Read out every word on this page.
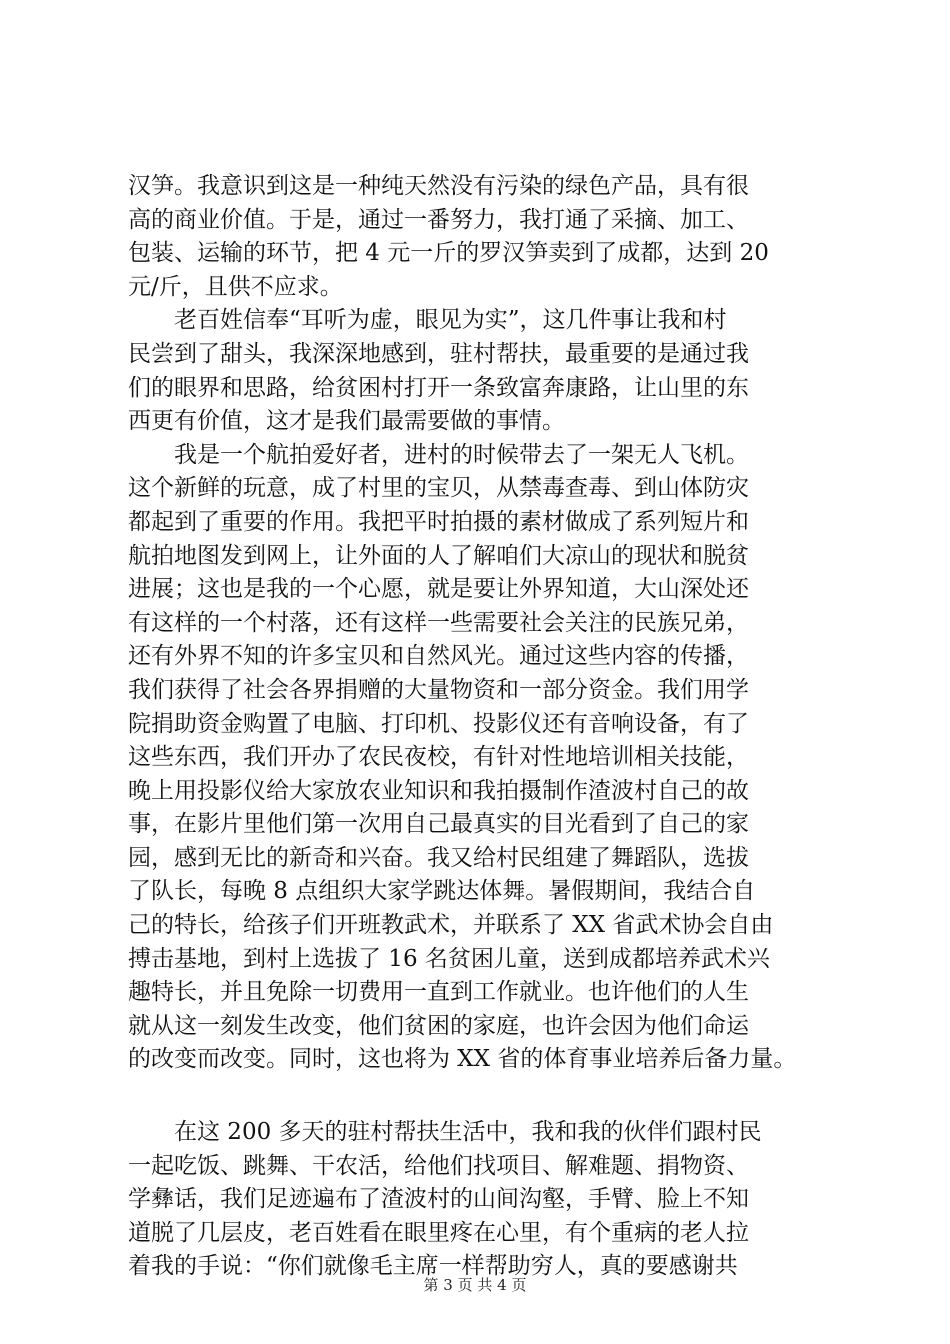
汉笋。我意识到这是一种纯天然没有污染的绿色产品，具有很
高的商业价值。于是，通过一番努力，我打通了采摘、加工、
包装、运输的环节，把 4 元一斤的罗汉笋卖到了成都，达到 20
元/斤，且供不应求。
　　老百姓信奉“耳听为虚，眼见为实”，这几件事让我和村
民尝到了甜头，我深深地感到，驻村帮扶，最重要的是通过我
们的眼界和思路，给贫困村打开一条致富奔康路，让山里的东
西更有价值，这才是我们最需要做的事情。
　　我是一个航拍爱好者，进村的时候带去了一架无人飞机。
这个新鲜的玩意，成了村里的宝贝，从禁毒查毒、到山体防灾
都起到了重要的作用。我把平时拍摄的素材做成了系列短片和
航拍地图发到网上，让外面的人了解咱们大凉山的现状和脱贫
进展；这也是我的一个心愿，就是要让外界知道，大山深处还
有这样的一个村落，还有这样一些需要社会关注的民族兄弟，
还有外界不知的许多宝贝和自然风光。通过这些内容的传播，
我们获得了社会各界捐赠的大量物资和一部分资金。我们用学
院捐助资金购置了电脑、打印机、投影仪还有音响设备，有了
这些东西，我们开办了农民夜校，有针对性地培训相关技能，
晚上用投影仪给大家放农业知识和我拍摄制作渣波村自己的故
事，在影片里他们第一次用自己最真实的目光看到了自己的家
园，感到无比的新奇和兴奋。我又给村民组建了舞蹈队，选拔
了队长，每晚 8 点组织大家学跳达体舞。暑假期间，我结合自
己的特长，给孩子们开班教武术，并联系了 XX 省武术协会自由
搏击基地，到村上选拔了 16 名贫困儿童，送到成都培养武术兴
趣特长，并且免除一切费用一直到工作就业。也许他们的人生
就从这一刻发生改变，他们贫困的家庭，也许会因为他们命运
的改变而改变。同时，这也将为 XX 省的体育事业培养后备力量。
　　在这 200 多天的驻村帮扶生活中，我和我的伙伴们跟村民
一起吃饭、跳舞、干农活，给他们找项目、解难题、捐物资、
学彝话，我们足迹遍布了渣波村的山间沟壑，手臂、脸上不知
道脱了几层皮，老百姓看在眼里疼在心里，有个重病的老人拉
着我的手说：“你们就像毛主席一样帮助穷人，真的要感谢共
第 3 页 共 4 页
